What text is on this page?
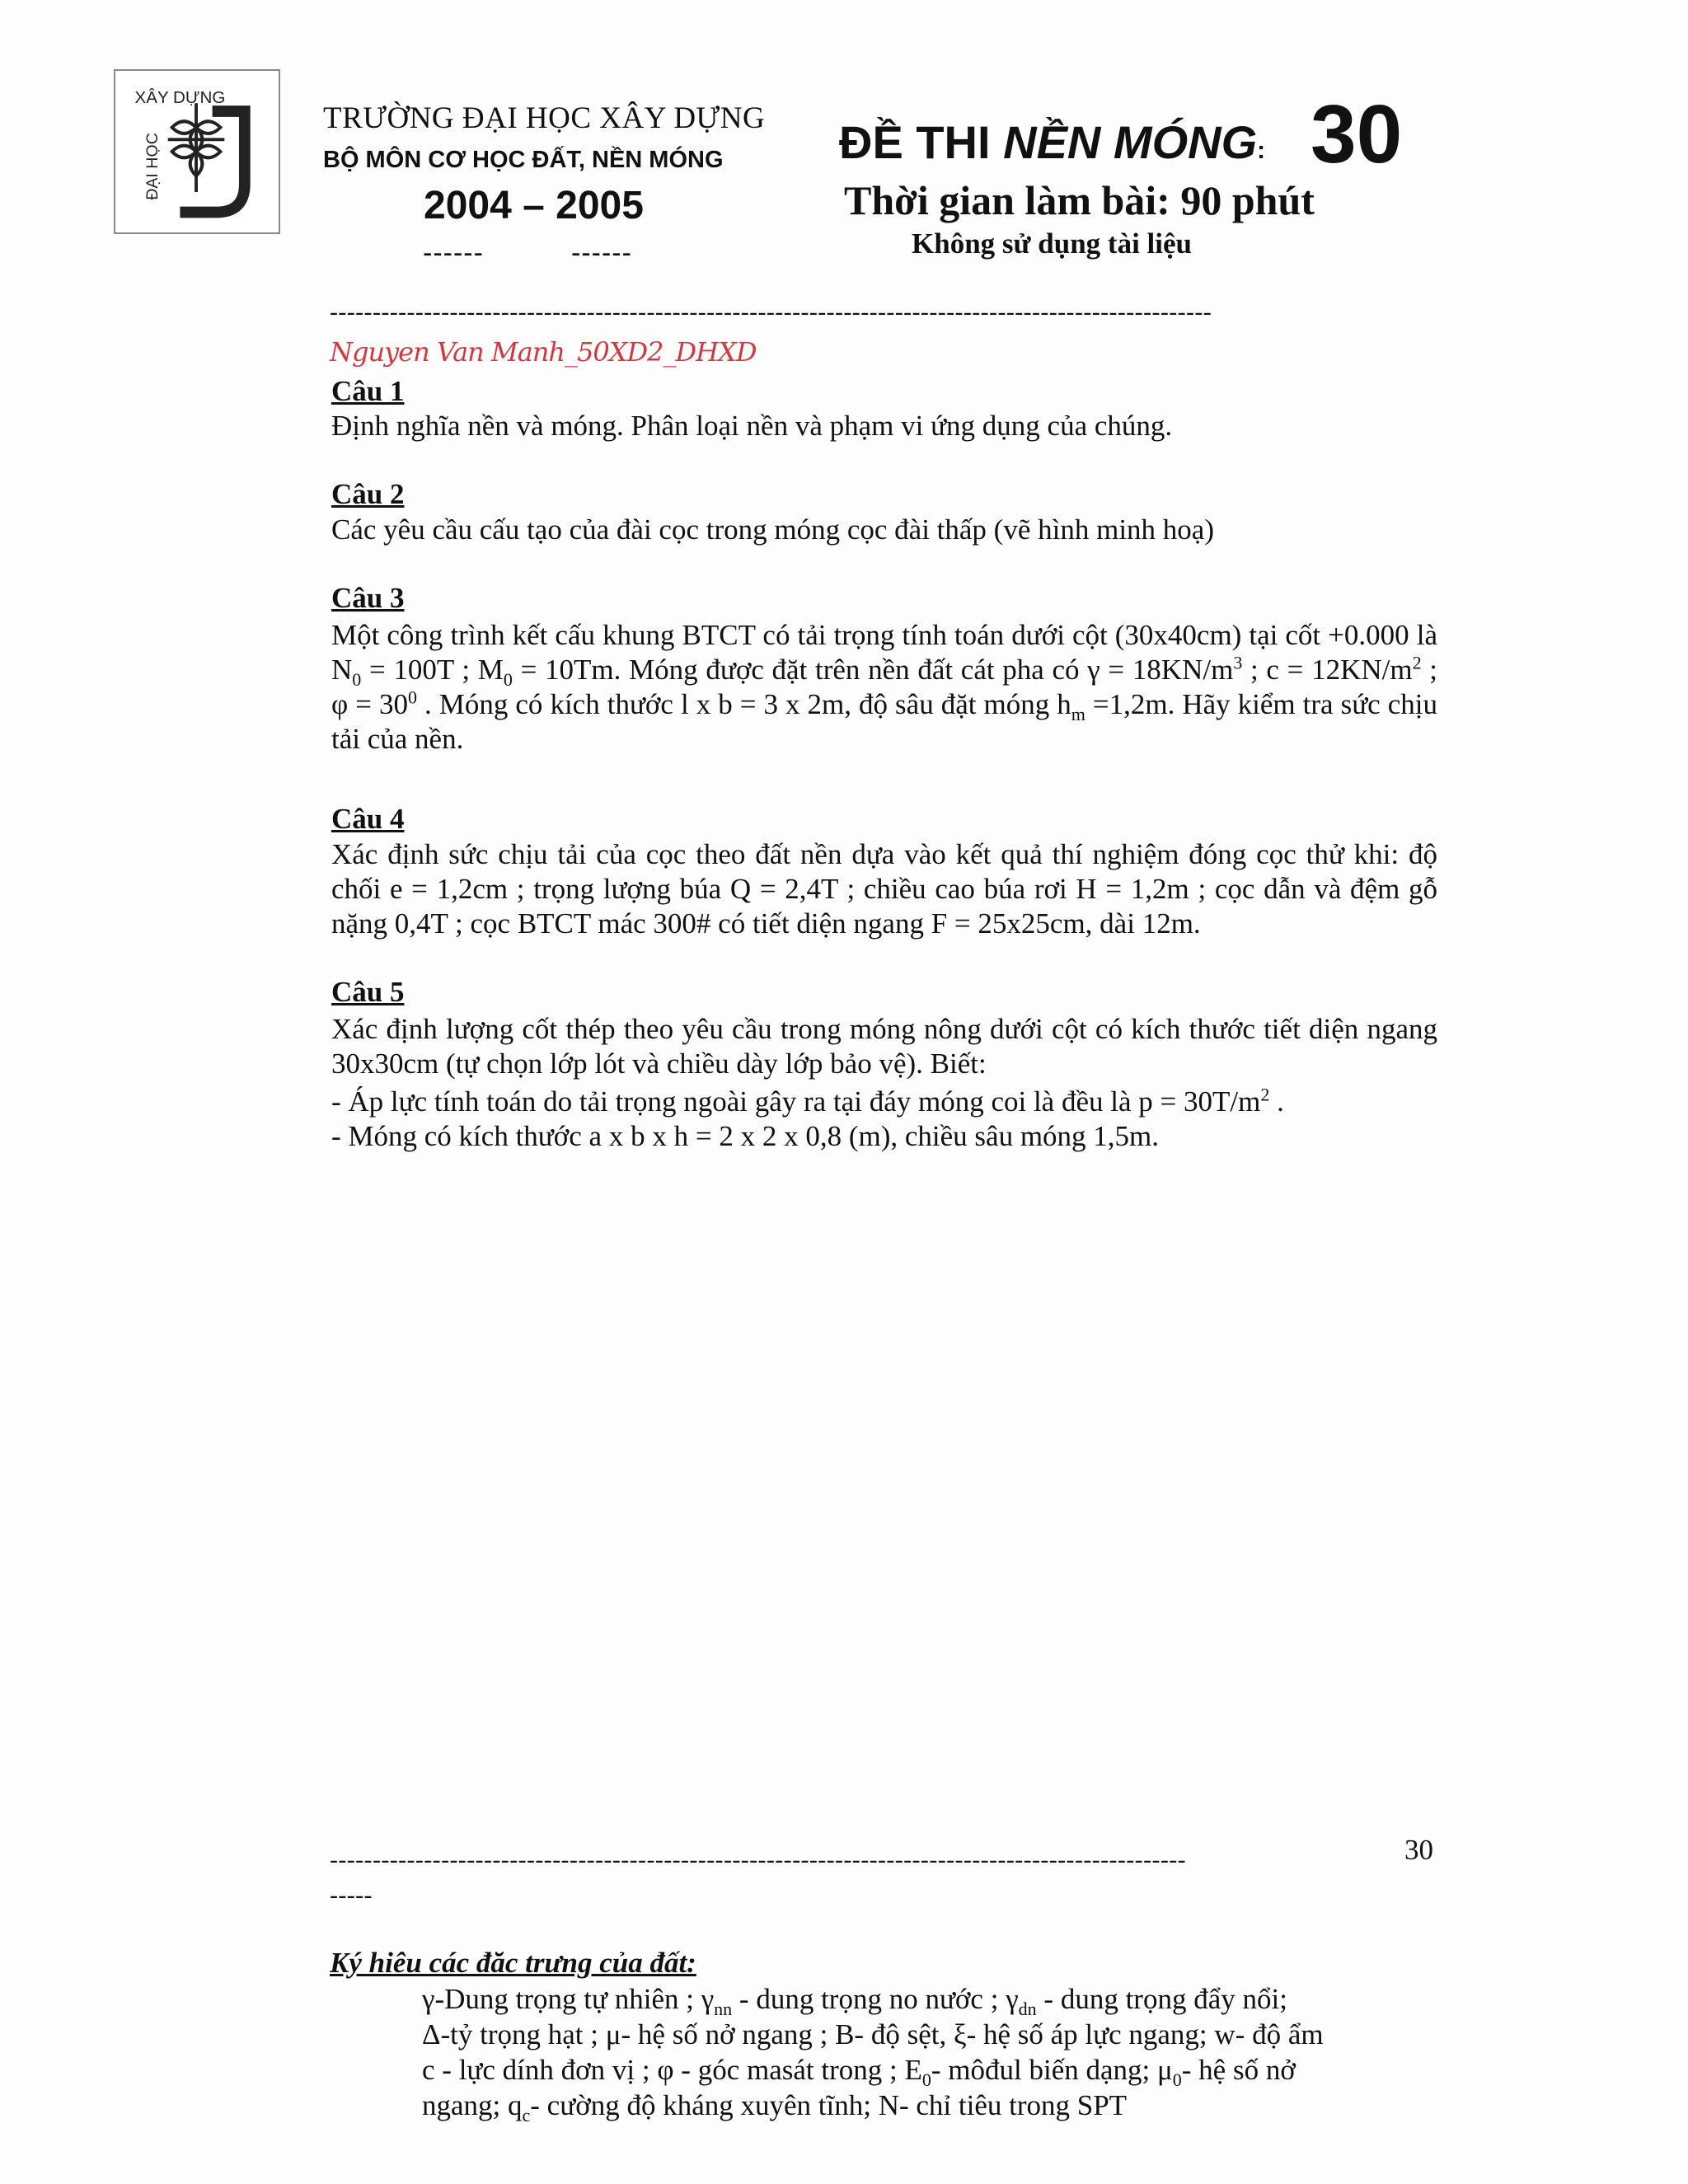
XÂY DỰNG
ĐẠI HỌC
TRƯỜNG ĐẠI HỌC XÂY DỰNG
BỘ MÔN CƠ HỌC ĐẤT, NỀN MÓNG
2004 – 2005
------	------
ĐỀ THI NỀN MÓNG: 30
Thời gian làm bài: 90 phút
Không sử dụng tài liệu
-------------------------------------------------------------------------------------------------------
Nguyen Van Manh_50XD2_DHXD
Câu 1
Định nghĩa nền và móng. Phân loại nền và phạm vi ứng dụng của chúng.
Câu 2
Các yêu cầu cấu tạo của đài cọc trong móng cọc đài thấp (vẽ hình minh hoạ)
Câu 3
Một công trình kết cấu khung BTCT có tải trọng tính toán dưới cột (30x40cm) tại cốt +0.000 là $N_0 = 100T$ ; $M_0 = 10Tm$. Móng được đặt trên nền đất cát pha có $\gamma = 18KN/m^3$ ; $c = 12KN/m^2$ ; $\varphi = 30^0$ . Móng có kích thước l x b = 3 x 2m, độ sâu đặt móng $h_m =1,2m$. Hãy kiểm tra sức chịu tải của nền.
Câu 4
Xác định sức chịu tải của cọc theo đất nền dựa vào kết quả thí nghiệm đóng cọc thử khi: độ chối e = 1,2cm ; trọng lượng búa Q = 2,4T ; chiều cao búa rơi H = 1,2m ; cọc dẫn và đệm gỗ nặng 0,4T ; cọc BTCT mác 300# có tiết diện ngang F = 25x25cm, dài 12m.
Câu 5
Xác định lượng cốt thép theo yêu cầu trong móng nông dưới cột có kích thước tiết diện ngang 30x30cm (tự chọn lớp lót và chiều dày lớp bảo vệ). Biết:
- Áp lực tính toán do tải trọng ngoài gây ra tại đáy móng coi là đều là $p = 30T/m^2$ .
- Móng có kích thước a x b x h = 2 x 2 x 0,8 (m), chiều sâu móng 1,5m.
30
----------------------------------------------------------------------------------------------------
-----
Ký hiêu các đăc trưng của đất:
γ-Dung trọng tự nhiên ; $\gamma_{nn}$ - dung trọng no nước ; $\gamma_{dn}$ - dung trọng đẩy nổi;
Δ-tỷ trọng hạt ; μ- hệ số nở ngang ; B- độ sệt, ξ- hệ số áp lực ngang; w- độ ẩm
c - lực dính đơn vị ; φ - góc masát trong ; $E_0-$ môđul biến dạng; $\mu_0-$ hệ số nở
ngang; $q_c-$ cường độ kháng xuyên tĩnh; N- chỉ tiêu trong SPT
